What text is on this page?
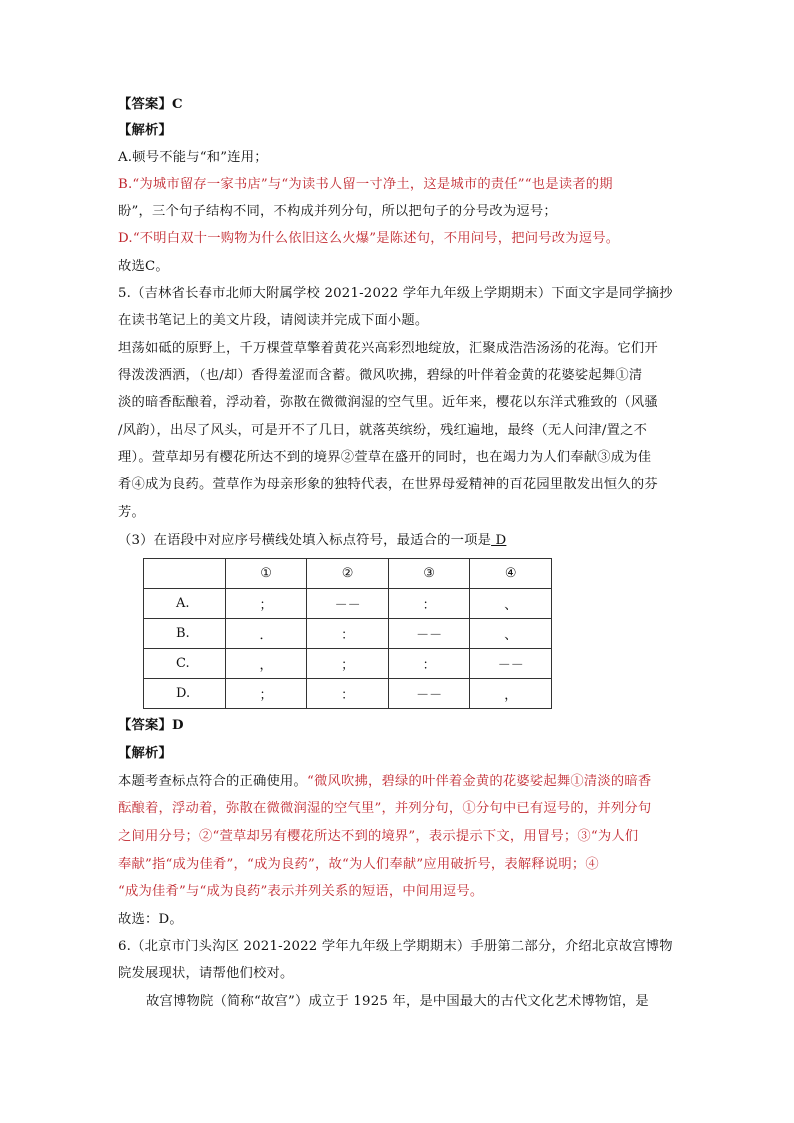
【答案】C
【解析】
A.顿号不能与“和”连用；
B.“为城市留存一家书店”与“为读书人留一寸净土，这是城市的责任”“也是读者的期
盼”，三个句子结构不同，不构成并列分句，所以把句子的分号改为逗号；
D.“不明白双十一购物为什么依旧这么火爆”是陈述句，不用问号，把问号改为逗号。
故选C。
5.（吉林省长春市北师大附属学校 2021-2022 学年九年级上学期期末）下面文字是同学摘抄
在读书笔记上的美文片段，请阅读并完成下面小题。
坦荡如砥的原野上，千万棵萱草擎着黄花兴高彩烈地绽放，汇聚成浩浩汤汤的花海。它们开
得泼泼洒洒，（也/却）香得羞涩而含蓄。微风吹拂，碧绿的叶伴着金黄的花婆娑起舞①清
淡的暗香酝酿着，浮动着，弥散在微微润湿的空气里。近年来，樱花以东洋式雅致的（风骚
/风韵），出尽了风头，可是开不了几日，就落英缤纷，残红遍地，最终（无人问津/置之不
理）。萱草却另有樱花所达不到的境界②萱草在盛开的同时，也在竭力为人们奉献③成为佳
肴④成为良药。萱草作为母亲形象的独特代表，在世界母爱精神的百花园里散发出恒久的芬
芳。
（3）在语段中对应序号横线处填入标点符号，最适合的一项是 D
	①	②	③	④
A.	；	－－	：	、
B.	．	：	－－	、
C.	，	；	：	－－
D.	；	：	－－	，
【答案】D
【解析】
本题考查标点符合的正确使用。“微风吹拂，碧绿的叶伴着金黄的花婆娑起舞①清淡的暗香
酝酿着，浮动着，弥散在微微润湿的空气里”，并列分句，①分句中已有逗号的，并列分句
之间用分号；②“萱草却另有樱花所达不到的境界”，表示提示下文，用冒号；③“为人们
奉献”指“成为佳肴”，“成为良药”，故“为人们奉献”应用破折号，表解释说明；④
“成为佳肴”与“成为良药”表示并列关系的短语，中间用逗号。
故选：D。
6.（北京市门头沟区 2021-2022 学年九年级上学期期末）手册第二部分，介绍北京故宫博物
院发展现状，请帮他们校对。
故宫博物院（简称“故宫”）成立于 1925 年，是中国最大的古代文化艺术博物馆，是
